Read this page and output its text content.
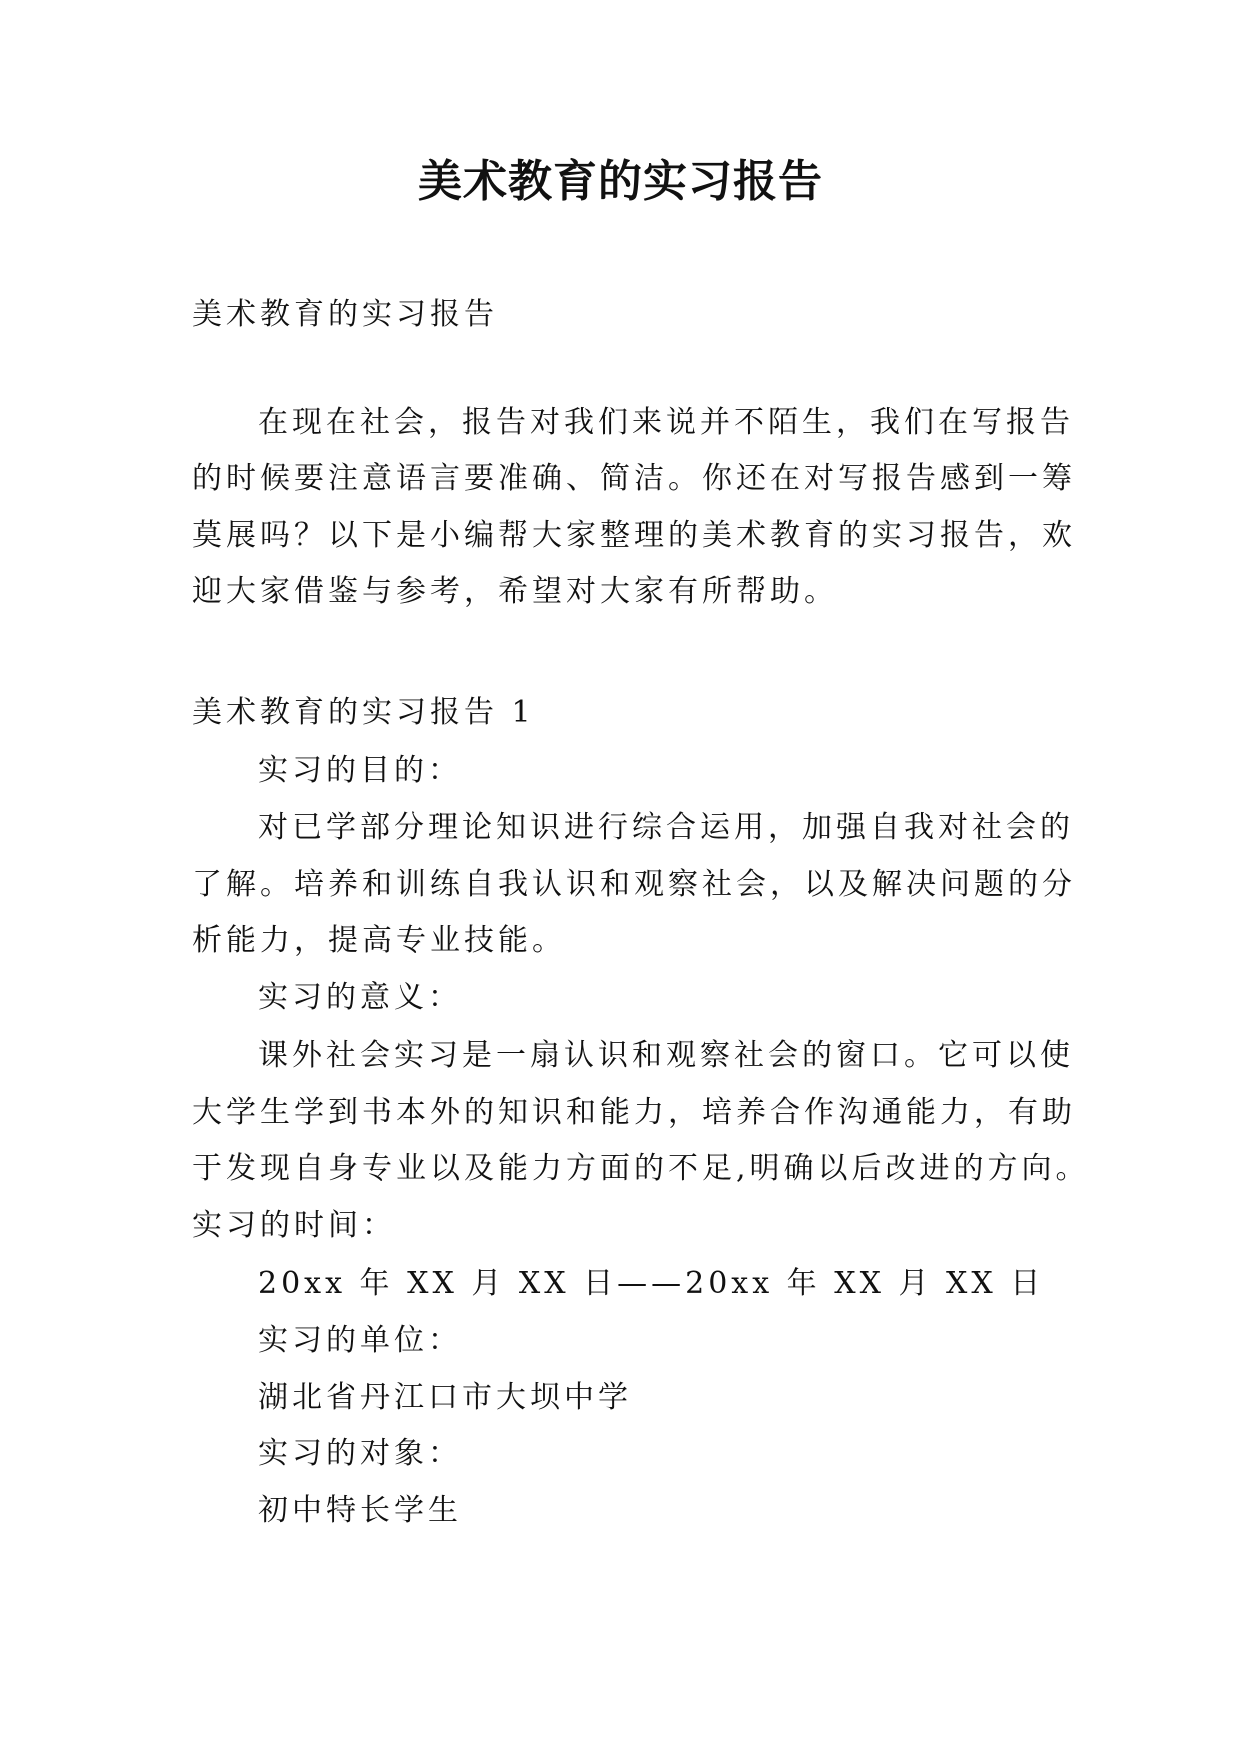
美术教育的实习报告
美术教育的实习报告
在现在社会，报告对我们来说并不陌生，我们在写报告
的时候要注意语言要准确、简洁。你还在对写报告感到一筹
莫展吗？以下是小编帮大家整理的美术教育的实习报告，欢
迎大家借鉴与参考，希望对大家有所帮助。
美术教育的实习报告 1
实习的目的：
对已学部分理论知识进行综合运用，加强自我对社会的
了解。培养和训练自我认识和观察社会，以及解决问题的分
析能力，提高专业技能。
实习的意义：
课外社会实习是一扇认识和观察社会的窗口。它可以使
大学生学到书本外的知识和能力，培养合作沟通能力，有助
于发现自身专业以及能力方面的不足,明确以后改进的方向。
实习的时间：
20xx 年 XX 月 XX 日——20xx 年 XX 月 XX 日
实习的单位：
湖北省丹江口市大坝中学
实习的对象：
初中特长学生
